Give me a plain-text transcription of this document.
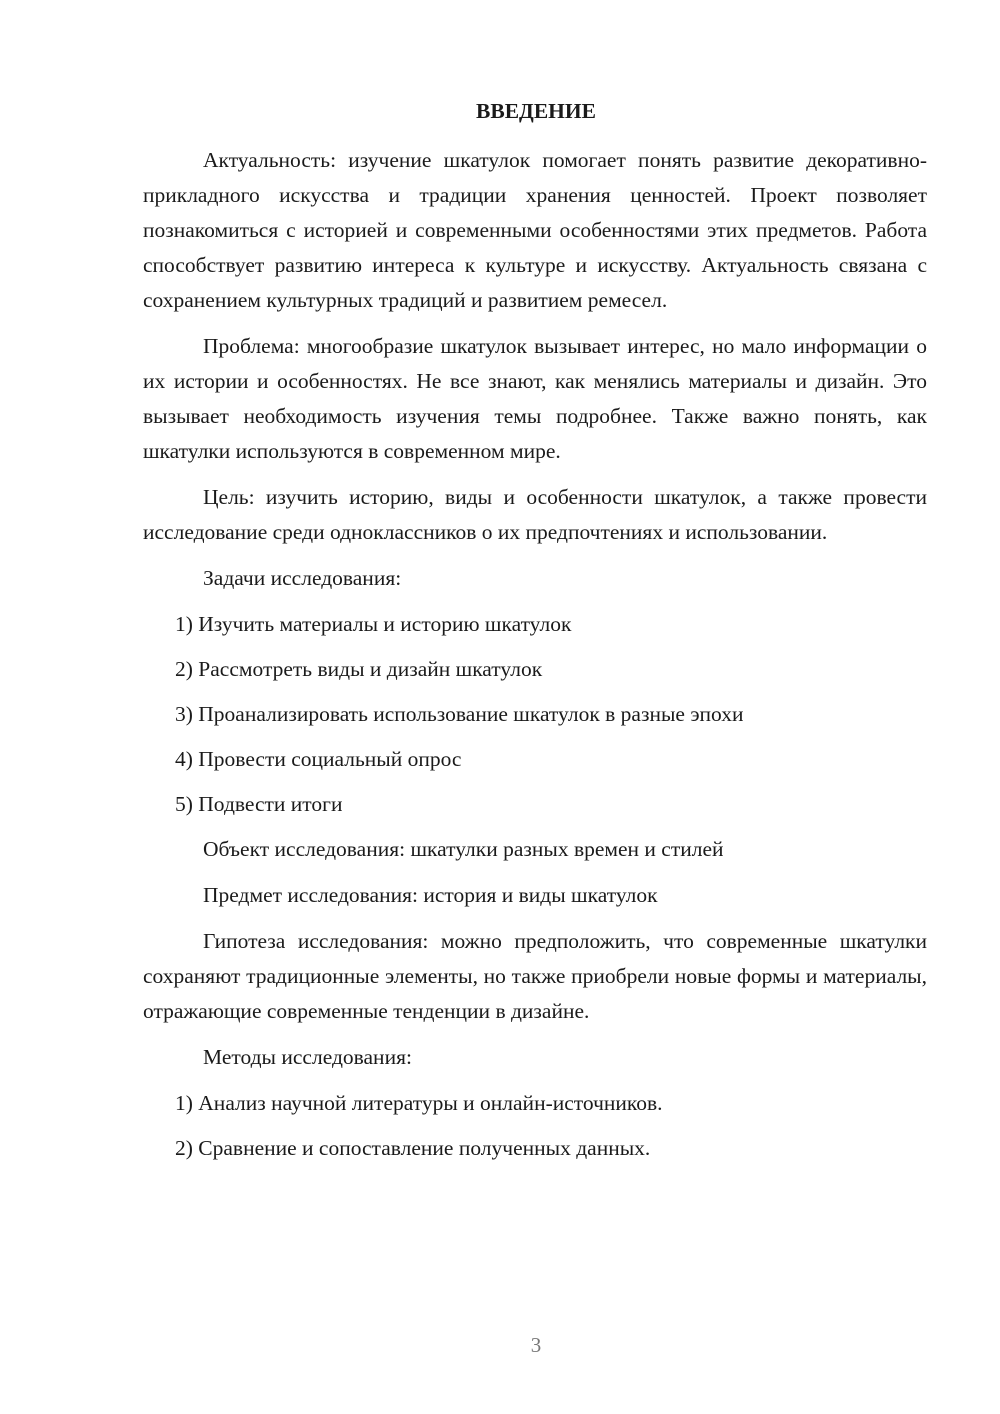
ВВЕДЕНИЕ

Актуальность: изучение шкатулок помогает понять развитие декоративно-прикладного искусства и традиции хранения ценностей. Проект позволяет познакомиться с историей и современными особенностями этих предметов. Работа способствует развитию интереса к культуре и искусству. Актуальность связана с сохранением культурных традиций и развитием ремесел.

Проблема: многообразие шкатулок вызывает интерес, но мало информации о их истории и особенностях. Не все знают, как менялись материалы и дизайн. Это вызывает необходимость изучения темы подробнее. Также важно понять, как шкатулки используются в современном мире.

Цель: изучить историю, виды и особенности шкатулок, а также провести исследование среди одноклассников о их предпочтениях и использовании.

Задачи исследования:

1) Изучить материалы и историю шкатулок

2) Рассмотреть виды и дизайн шкатулок

3) Проанализировать использование шкатулок в разные эпохи

4) Провести социальный опрос

5) Подвести итоги

Объект исследования: шкатулки разных времен и стилей

Предмет исследования: история и виды шкатулок

Гипотеза исследования: можно предположить, что современные шкатулки сохраняют традиционные элементы, но также приобрели новые формы и материалы, отражающие современные тенденции в дизайне.

Методы исследования:

1) Анализ научной литературы и онлайн-источников.

2) Сравнение и сопоставление полученных данных.

3
